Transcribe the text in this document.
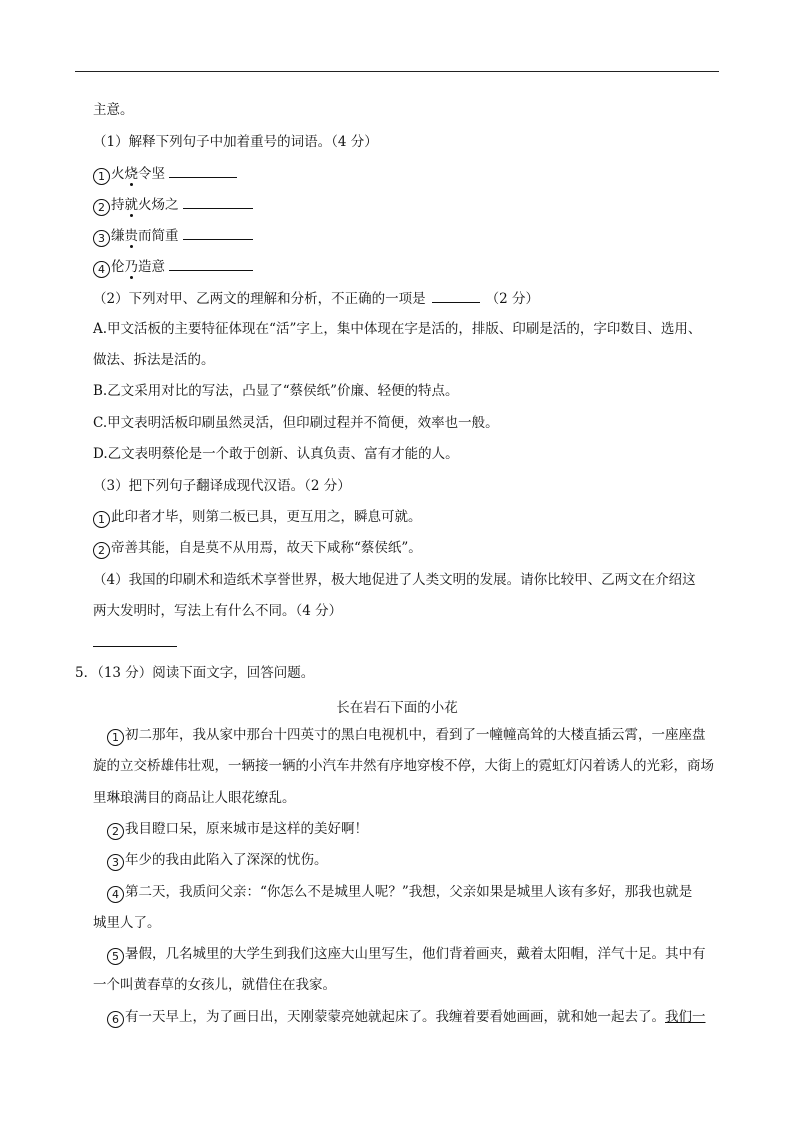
主意。
（1）解释下列句子中加着重号的词语。（4 分）
1 火烧令坚
2 持就火炀之
3 缣贵而简重
4 伦乃造意
（2）下列对甲、乙两文的理解和分析，不正确的一项是	（2 分）
A.甲文活板的主要特征体现在“活”字上，集中体现在字是活的，排版、印刷是活的，字印数目、选用、
做法、拆法是活的。
B.乙文采用对比的写法，凸显了“蔡侯纸”价廉、轻便的特点。
C.甲文表明活板印刷虽然灵活，但印刷过程并不简便，效率也一般。
D.乙文表明蔡伦是一个敢于创新、认真负责、富有才能的人。
（3）把下列句子翻译成现代汉语。（2 分）
1 此印者才毕，则第二板已具，更互用之，瞬息可就。
2 帝善其能，自是莫不从用焉，故天下咸称“蔡侯纸”。
（4）我国的印刷术和造纸术享誉世界，极大地促进了人类文明的发展。请你比较甲、乙两文在介绍这
两大发明时，写法上有什么不同。（4 分）
5．（13 分）阅读下面文字，回答问题。
长在岩石下面的小花
1 初二那年，我从家中那台十四英寸的黑白电视机中，看到了一幢幢高耸的大楼直插云霄，一座座盘
旋的立交桥雄伟壮观，一辆接一辆的小汽车井然有序地穿梭不停，大街上的霓虹灯闪着诱人的光彩，商场
里琳琅满目的商品让人眼花缭乱。
2 我目瞪口呆，原来城市是这样的美好啊！
3 年少的我由此陷入了深深的忧伤。
4 第二天，我质问父亲：“你怎么不是城里人呢？”我想，父亲如果是城里人该有多好，那我也就是
城里人了。
5 暑假，几名城里的大学生到我们这座大山里写生，他们背着画夹，戴着太阳帽，洋气十足。其中有
一个叫黄春草的女孩儿，就借住在我家。
6 有一天早上，为了画日出，天刚蒙蒙亮她就起床了。我缠着要看她画画，就和她一起去了。我们一
